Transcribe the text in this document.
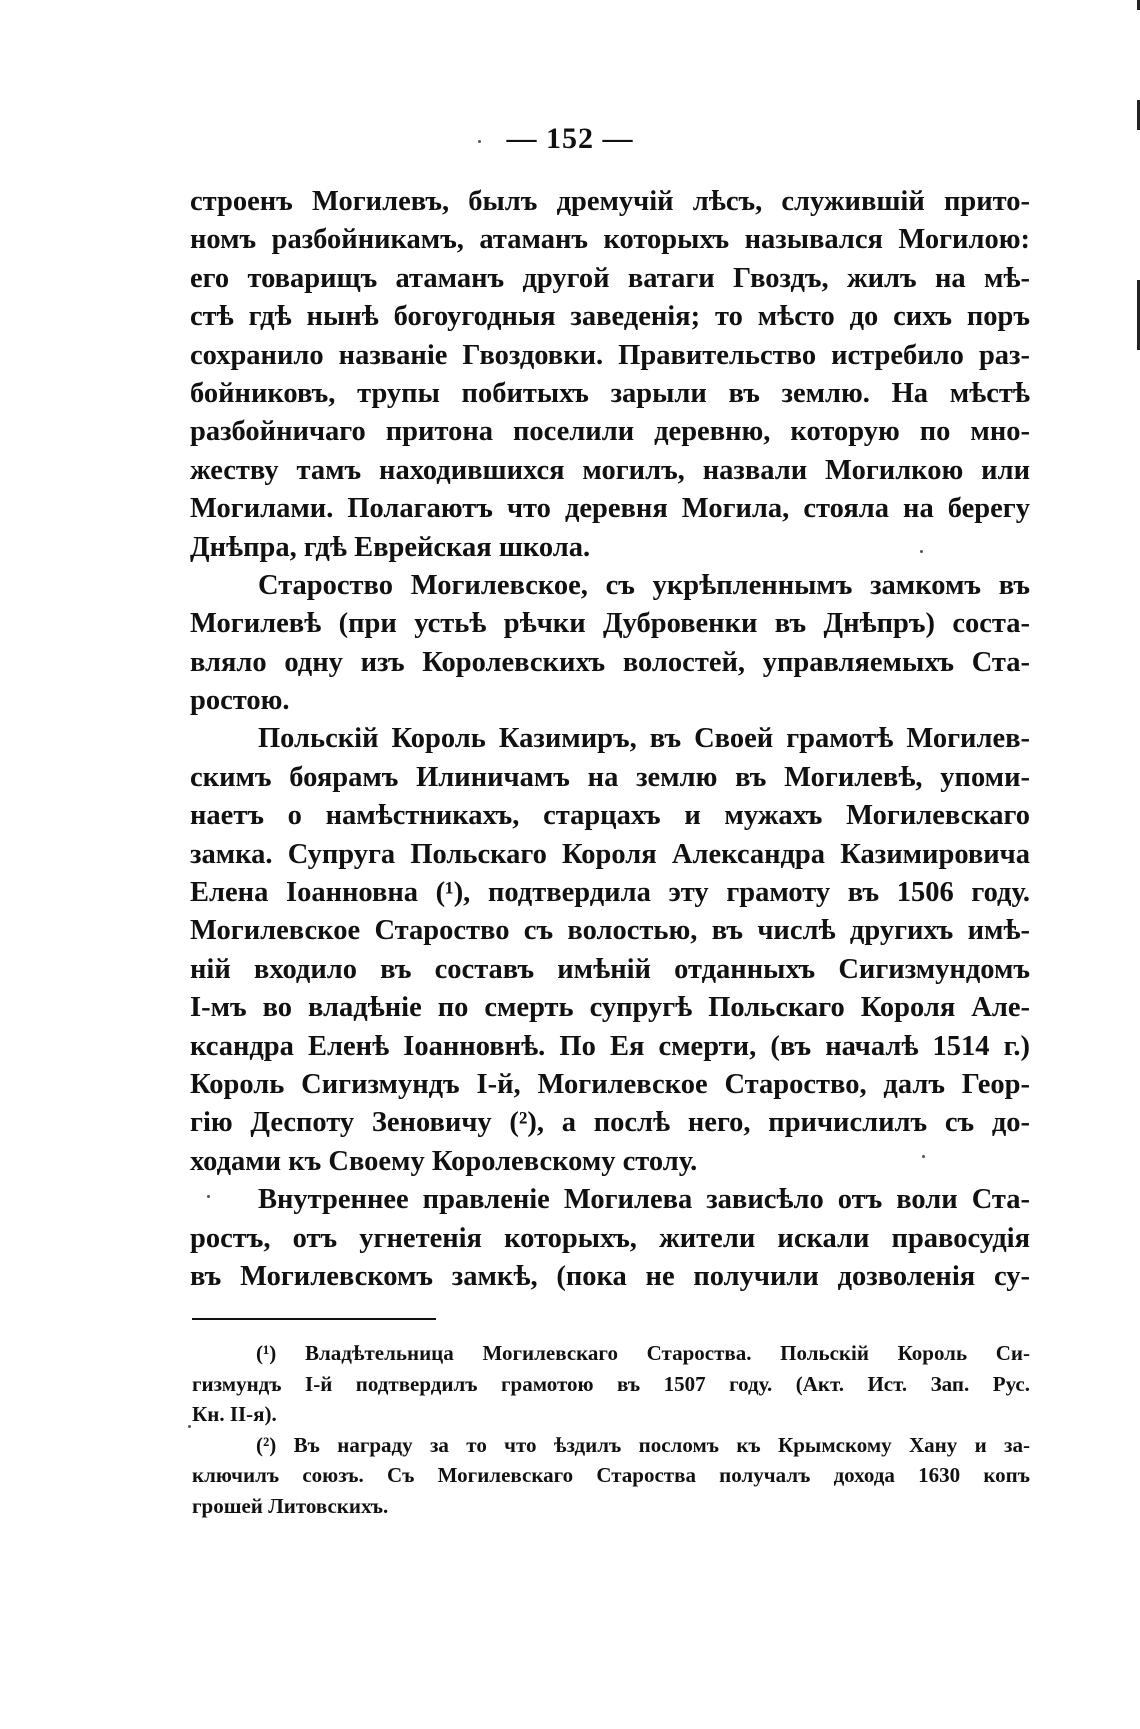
— 152 —
строенъ Могилевъ, былъ дремучій лѣсъ, служившій прито-
номъ разбойникамъ, атаманъ которыхъ назывался Могилою:
его товарищъ атаманъ другой ватаги Гвоздъ, жилъ на мѣ-
стѣ гдѣ нынѣ богоугодныя заведенія; то мѣсто до сихъ поръ
сохранило названіе Гвоздовки. Правительство истребило раз-
бойниковъ, трупы побитыхъ зарыли въ землю. На мѣстѣ
разбойничаго притона поселили деревню, которую по мно-
жеству тамъ находившихся могилъ, назвали Могилкою или
Могилами. Полагаютъ что деревня Могила, стояла на берегу
Днѣпра, гдѣ Еврейская школа.
Староство Могилевское, съ укрѣпленнымъ замкомъ въ
Могилевѣ (при устьѣ рѣчки Дубровенки въ Днѣпръ) соста-
вляло одну изъ Королевскихъ волостей, управляемыхъ Ста-
ростою.
Польскій Король Казимиръ, въ Своей грамотѣ Могилев-
скимъ боярамъ Илиничамъ на землю въ Могилевѣ, упоми-
наетъ о намѣстникахъ, старцахъ и мужахъ Могилевскаго
замка. Супруга Польскаго Короля Александра Казимировича
Елена Іоанновна (¹), подтвердила эту грамоту въ 1506 году.
Могилевское Староство съ волостью, въ числѣ другихъ имѣ-
ній входило въ составъ имѣній отданныхъ Сигизмундомъ
І-мъ во владѣніе по смерть супругѣ Польскаго Короля Але-
ксандра Еленѣ Іоанновнѣ. По Ея смерти, (въ началѣ 1514 г.)
Король Сигизмундъ І-й, Могилевское Староство, далъ Геор-
гію Деспоту Зеновичу (²), а послѣ него, причислилъ съ до-
ходами къ Своему Королевскому столу.
Внутреннее правленіе Могилева зависѣло отъ воли Ста-
ростъ, отъ угнетенія которыхъ, жители искали правосудія
въ Могилевскомъ замкѣ, (пока не получили дозволенія су-
(¹) Владѣтельница Могилевскаго Староства. Польскій Король Си-
гизмундъ І-й подтвердилъ грамотою въ 1507 году. (Акт. Ист. Зап. Рус.
Кн. ІІ-я).
(²) Въ награду за то что ѣздилъ посломъ къ Крымскому Хану и за-
ключилъ союзъ. Съ Могилевскаго Староства получалъ дохода 1630 копъ
грошей Литовскихъ.
